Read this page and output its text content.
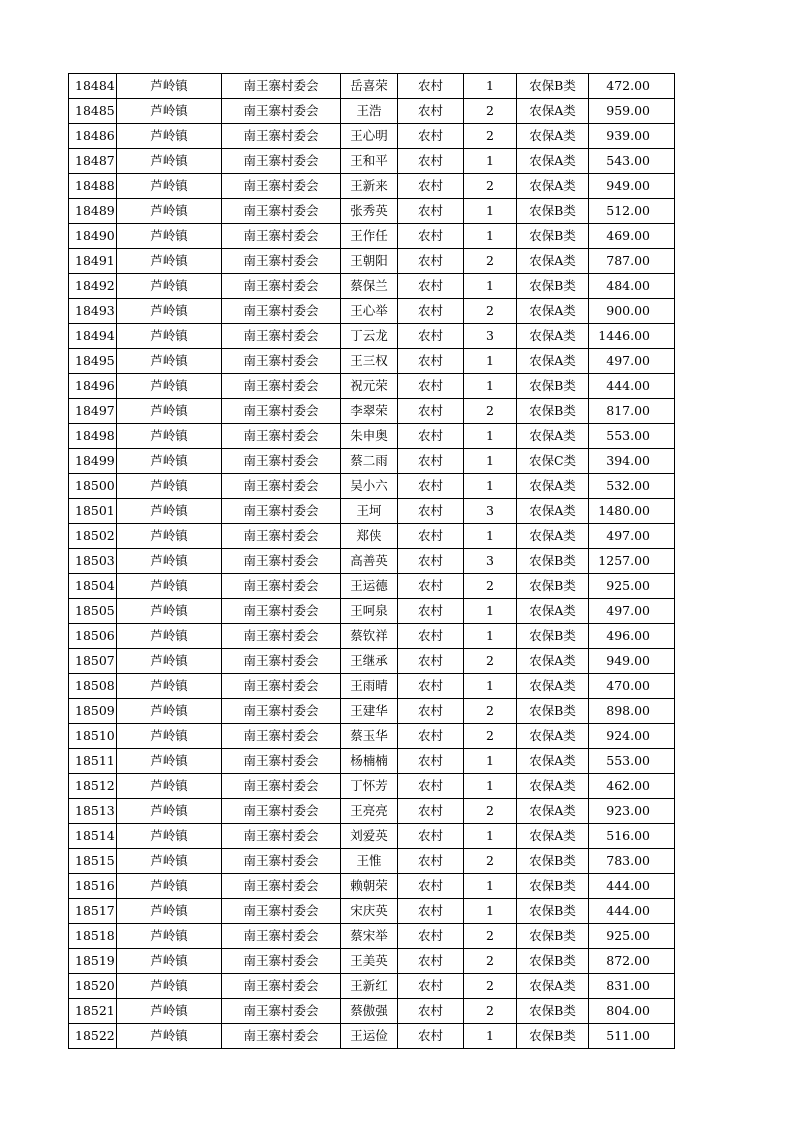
18484	芦岭镇	南王寨村委会	岳喜荣	农村	1	农保B类	472.00
18485	芦岭镇	南王寨村委会	王浩	农村	2	农保A类	959.00
18486	芦岭镇	南王寨村委会	王心明	农村	2	农保A类	939.00
18487	芦岭镇	南王寨村委会	王和平	农村	1	农保A类	543.00
18488	芦岭镇	南王寨村委会	王新来	农村	2	农保A类	949.00
18489	芦岭镇	南王寨村委会	张秀英	农村	1	农保B类	512.00
18490	芦岭镇	南王寨村委会	王作任	农村	1	农保B类	469.00
18491	芦岭镇	南王寨村委会	王朝阳	农村	2	农保A类	787.00
18492	芦岭镇	南王寨村委会	蔡保兰	农村	1	农保B类	484.00
18493	芦岭镇	南王寨村委会	王心举	农村	2	农保A类	900.00
18494	芦岭镇	南王寨村委会	丁云龙	农村	3	农保A类	1446.00
18495	芦岭镇	南王寨村委会	王三权	农村	1	农保A类	497.00
18496	芦岭镇	南王寨村委会	祝元荣	农村	1	农保B类	444.00
18497	芦岭镇	南王寨村委会	李翠荣	农村	2	农保B类	817.00
18498	芦岭镇	南王寨村委会	朱申奥	农村	1	农保A类	553.00
18499	芦岭镇	南王寨村委会	蔡二雨	农村	1	农保C类	394.00
18500	芦岭镇	南王寨村委会	吴小六	农村	1	农保A类	532.00
18501	芦岭镇	南王寨村委会	王坷	农村	3	农保A类	1480.00
18502	芦岭镇	南王寨村委会	郑侠	农村	1	农保A类	497.00
18503	芦岭镇	南王寨村委会	高善英	农村	3	农保B类	1257.00
18504	芦岭镇	南王寨村委会	王运德	农村	2	农保B类	925.00
18505	芦岭镇	南王寨村委会	王呵泉	农村	1	农保A类	497.00
18506	芦岭镇	南王寨村委会	蔡钦祥	农村	1	农保B类	496.00
18507	芦岭镇	南王寨村委会	王继承	农村	2	农保A类	949.00
18508	芦岭镇	南王寨村委会	王雨晴	农村	1	农保A类	470.00
18509	芦岭镇	南王寨村委会	王建华	农村	2	农保B类	898.00
18510	芦岭镇	南王寨村委会	蔡玉华	农村	2	农保A类	924.00
18511	芦岭镇	南王寨村委会	杨楠楠	农村	1	农保A类	553.00
18512	芦岭镇	南王寨村委会	丁怀芳	农村	1	农保A类	462.00
18513	芦岭镇	南王寨村委会	王亮亮	农村	2	农保A类	923.00
18514	芦岭镇	南王寨村委会	刘爱英	农村	1	农保A类	516.00
18515	芦岭镇	南王寨村委会	王惟	农村	2	农保B类	783.00
18516	芦岭镇	南王寨村委会	赖朝荣	农村	1	农保B类	444.00
18517	芦岭镇	南王寨村委会	宋庆英	农村	1	农保B类	444.00
18518	芦岭镇	南王寨村委会	蔡宋举	农村	2	农保B类	925.00
18519	芦岭镇	南王寨村委会	王美英	农村	2	农保B类	872.00
18520	芦岭镇	南王寨村委会	王新红	农村	2	农保A类	831.00
18521	芦岭镇	南王寨村委会	蔡傲强	农村	2	农保B类	804.00
18522	芦岭镇	南王寨村委会	王运俭	农村	1	农保B类	511.00
